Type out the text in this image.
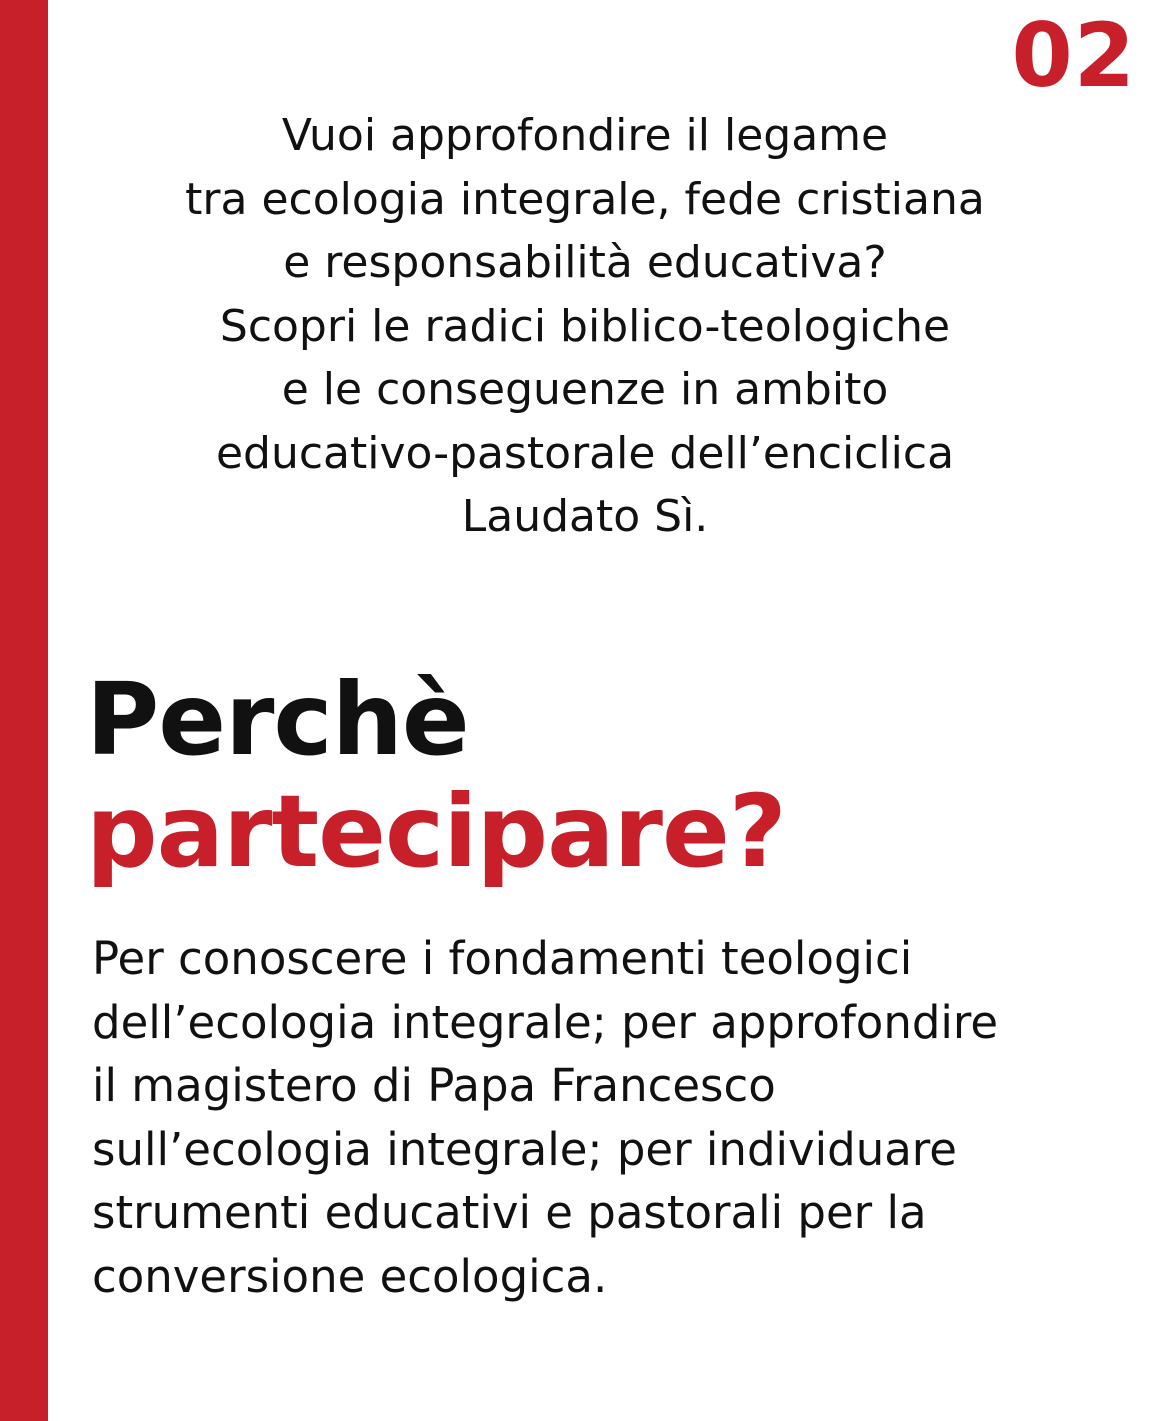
02

Vuoi approfondire il legame
tra ecologia integrale, fede cristiana
e responsabilità educativa?
Scopri le radici biblico-teologiche
e le conseguenze in ambito
educativo-pastorale dell’enciclica
Laudato Sì.

Perchè
partecipare?

Per conoscere i fondamenti teologici
dell’ecologia integrale; per approfondire
il magistero di Papa Francesco
sull’ecologia integrale; per individuare
strumenti educativi e pastorali per la
conversione ecologica.
